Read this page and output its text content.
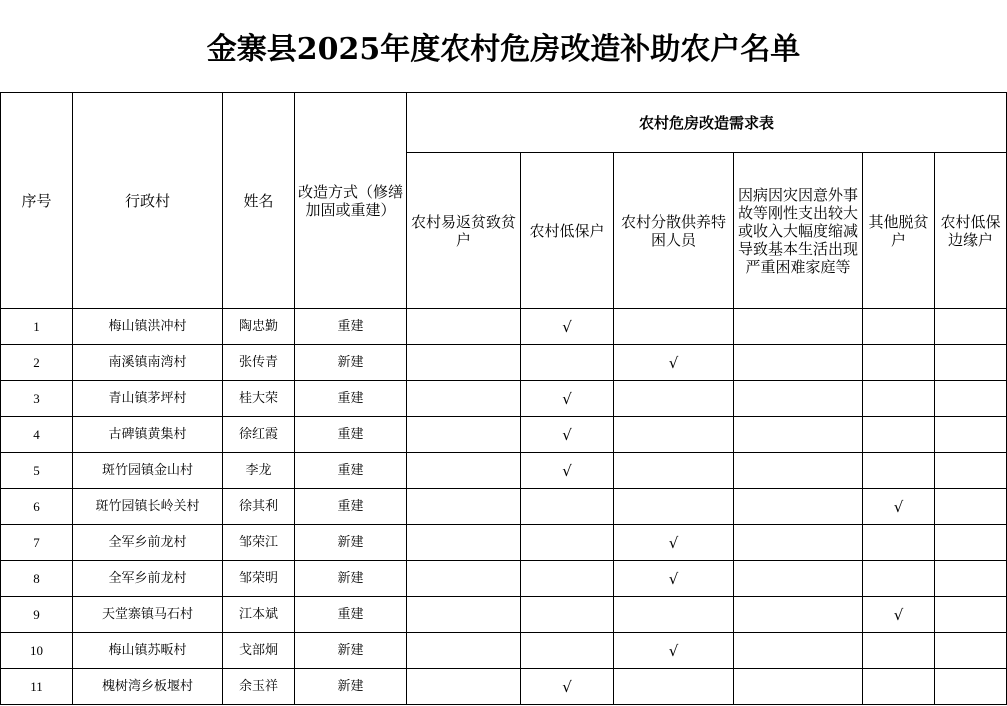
金寨县2025年度农村危房改造补助农户名单
序号	行政村	姓名	改造方式（修缮加固或重建）	农村危房改造需求表					
				农村易返贫致贫户	农村低保户	农村分散供养特困人员	因病因灾因意外事故等刚性支出较大或收入大幅度缩减导致基本生活出现严重困难家庭等	其他脱贫户	农村低保边缘户
1	梅山镇洪冲村	陶忠勤	重建		√				
2	南溪镇南湾村	张传青	新建			√			
3	青山镇茅坪村	桂大荣	重建		√				
4	古碑镇黄集村	徐红霞	重建		√				
5	斑竹园镇金山村	李龙	重建		√				
6	斑竹园镇长岭关村	徐其利	重建					√	
7	全军乡前龙村	邹荣江	新建			√			
8	全军乡前龙村	邹荣明	新建			√			
9	天堂寨镇马石村	江本斌	重建					√	
10	梅山镇苏畈村	戈部炯	新建			√			
11	槐树湾乡板堰村	余玉祥	新建		√				
